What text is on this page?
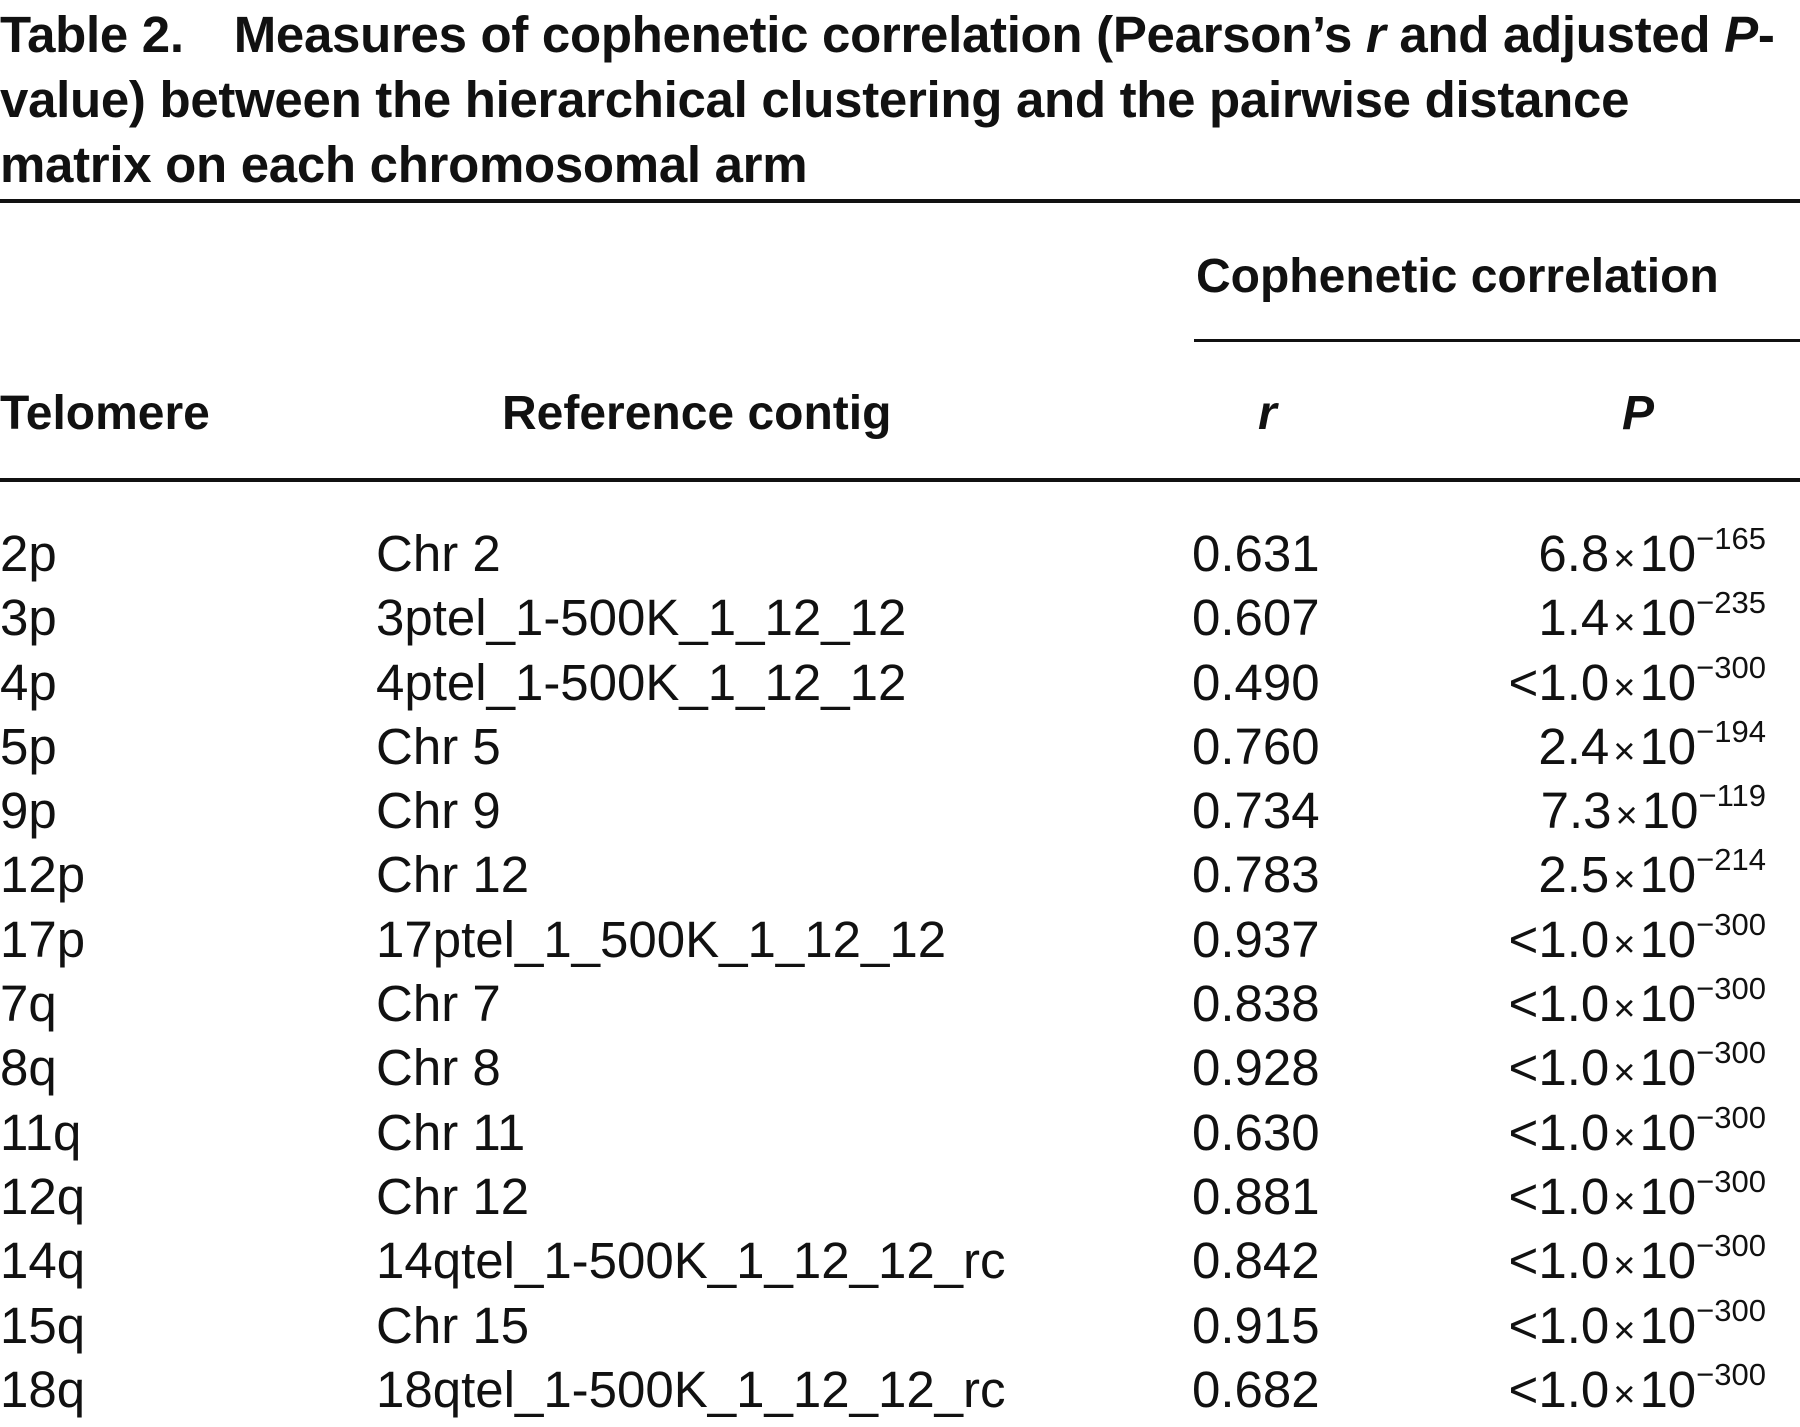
Table 2. Measures of cophenetic correlation (Pearson’s r and adjusted P-value) between the hierarchical clustering and the pairwise distance matrix on each chromosomal arm
Cophenetic correlation
Telomere	Reference contig	r	P
2p	Chr 2	0.631	$6.8 \times 10^{-165}$
3p	3ptel_1-500K_1_12_12	0.607	$1.4 \times 10^{-235}$
4p	4ptel_1-500K_1_12_12	0.490	$<1.0 \times 10^{-300}$
5p	Chr 5	0.760	$2.4 \times 10^{-194}$
9p	Chr 9	0.734	$7.3 \times 10^{-119}$
12p	Chr 12	0.783	$2.5 \times 10^{-214}$
17p	17ptel_1_500K_1_12_12	0.937	$<1.0 \times 10^{-300}$
7q	Chr 7	0.838	$<1.0 \times 10^{-300}$
8q	Chr 8	0.928	$<1.0 \times 10^{-300}$
11q	Chr 11	0.630	$<1.0 \times 10^{-300}$
12q	Chr 12	0.881	$<1.0 \times 10^{-300}$
14q	14qtel_1-500K_1_12_12_rc	0.842	$<1.0 \times 10^{-300}$
15q	Chr 15	0.915	$<1.0 \times 10^{-300}$
18q	18qtel_1-500K_1_12_12_rc	0.682	$<1.0 \times 10^{-300}$
